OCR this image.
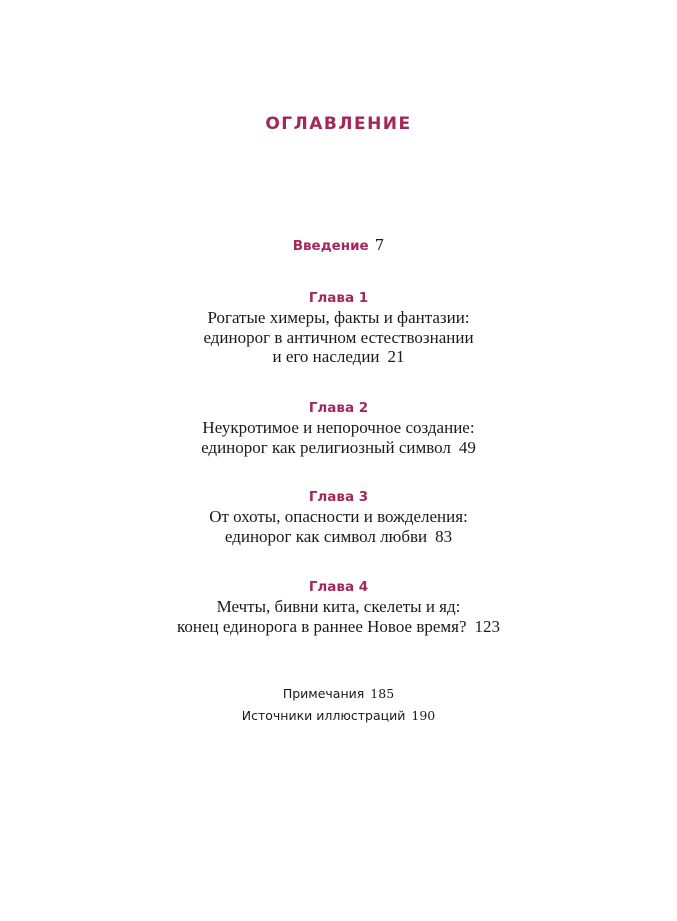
ОГЛАВЛЕНИЕ
Введение 7
Глава 1
Рогатые химеры, факты и фантазии:
единорог в античном естествознании
и его наследии 21
Глава 2
Неукротимое и непорочное создание:
единорог как религиозный символ 49
Глава 3
От охоты, опасности и вожделения:
единорог как символ любви 83
Глава 4
Мечты, бивни кита, скелеты и яд:
конец единорога в раннее Новое время? 123
Примечания 185
Источники иллюстраций 190
